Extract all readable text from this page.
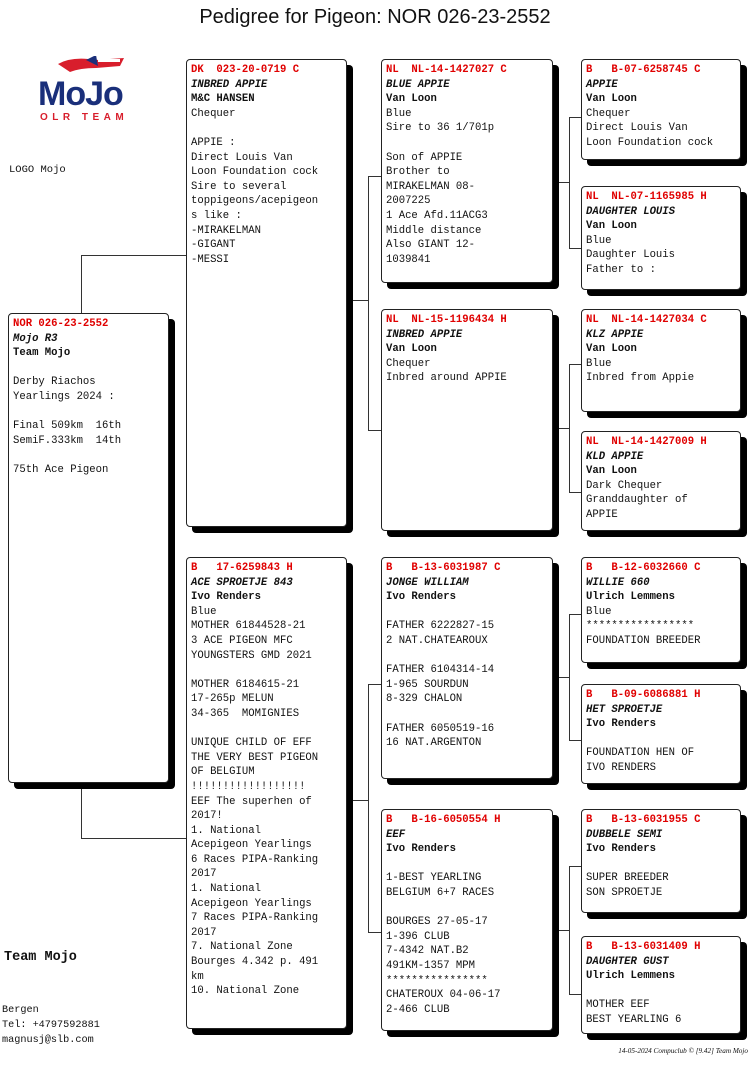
Pedigree for Pigeon: NOR 026-23-2552
MoJo
OLR TEAM
LOGO Mojo
NOR 026-23-2552
Mojo R3
Team Mojo

Derby Riachos
Yearlings 2024 :

Final 509km  16th
SemiF.333km  14th

75th Ace Pigeon
DK  023-20-0719 C
INBRED APPIE
M&C HANSEN
Chequer

APPIE :
Direct Louis Van
Loon Foundation cock
Sire to several
toppigeons/acepigeon
s like :
-MIRAKELMAN
-GIGANT
-MESSI
B   17-6259843 H
ACE SPROETJE 843
Ivo Renders
Blue
MOTHER 61844528-21
3 ACE PIGEON MFC
YOUNGSTERS GMD 2021

MOTHER 6184615-21
17-265p MELUN
34-365  MOMIGNIES

UNIQUE CHILD OF EFF
THE VERY BEST PIGEON
OF BELGIUM
!!!!!!!!!!!!!!!!!!
EEF The superhen of
2017!
1. National
Acepigeon Yearlings
6 Races PIPA-Ranking
2017
1. National
Acepigeon Yearlings
7 Races PIPA-Ranking
2017
7. National Zone
Bourges 4.342 p. 491
km
10. National Zone
NL  NL-14-1427027 C
BLUE APPIE
Van Loon
Blue
Sire to 36 1/701p

Son of APPIE
Brother to
MIRAKELMAN 08-
2007225
1 Ace Afd.11ACG3
Middle distance
Also GIANT 12-
1039841
NL  NL-15-1196434 H
INBRED APPIE
Van Loon
Chequer
Inbred around APPIE
B   B-13-6031987 C
JONGE WILLIAM
Ivo Renders

FATHER 6222827-15
2 NAT.CHATEAROUX

FATHER 6104314-14
1-965 SOURDUN
8-329 CHALON

FATHER 6050519-16
16 NAT.ARGENTON
B   B-16-6050554 H
EEF
Ivo Renders

1-BEST YEARLING
BELGIUM 6+7 RACES

BOURGES 27-05-17
1-396 CLUB
7-4342 NAT.B2
491KM-1357 MPM
****************
CHATEROUX 04-06-17
2-466 CLUB
B   B-07-6258745 C
APPIE
Van Loon
Chequer
Direct Louis Van
Loon Foundation cock
NL  NL-07-1165985 H
DAUGHTER LOUIS
Van Loon
Blue
Daughter Louis
Father to :
NL  NL-14-1427034 C
KLZ APPIE
Van Loon
Blue
Inbred from Appie
NL  NL-14-1427009 H
KLD APPIE
Van Loon
Dark Chequer
Granddaughter of
APPIE
B   B-12-6032660 C
WILLIE 660
Ulrich Lemmens
Blue
*****************
FOUNDATION BREEDER
B   B-09-6086881 H
HET SPROETJE
Ivo Renders

FOUNDATION HEN OF
IVO RENDERS
B   B-13-6031955 C
DUBBELE SEMI
Ivo Renders

SUPER BREEDER
SON SPROETJE
B   B-13-6031409 H
DAUGHTER GUST
Ulrich Lemmens

MOTHER EEF
BEST YEARLING 6
Team Mojo
Bergen
Tel: +4797592881
magnusj@slb.com
14-05-2024 Compuclub © [9.42] Team Mojo
